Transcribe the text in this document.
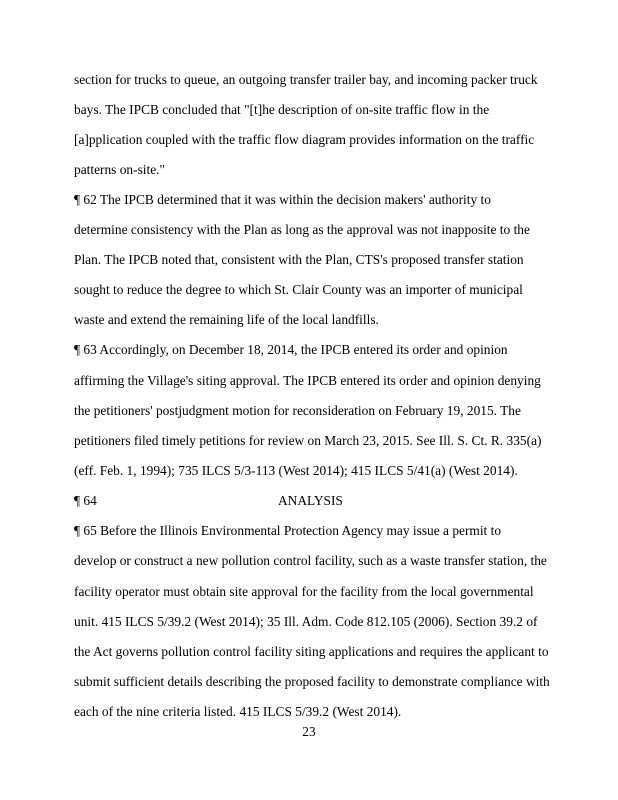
section for trucks to queue, an outgoing transfer trailer bay, and incoming packer truck
bays. The IPCB concluded that "[t]he description of on-site traffic flow in the
[a]pplication coupled with the traffic flow diagram provides information on the traffic
patterns on-site."
¶ 62 The IPCB determined that it was within the decision makers' authority to
determine consistency with the Plan as long as the approval was not inapposite to the
Plan. The IPCB noted that, consistent with the Plan, CTS's proposed transfer station
sought to reduce the degree to which St. Clair County was an importer of municipal
waste and extend the remaining life of the local landfills.
¶ 63 Accordingly, on December 18, 2014, the IPCB entered its order and opinion
affirming the Village's siting approval. The IPCB entered its order and opinion denying
the petitioners' postjudgment motion for reconsideration on February 19, 2015. The
petitioners filed timely petitions for review on March 23, 2015. See Ill. S. Ct. R. 335(a)
(eff. Feb. 1, 1994); 735 ILCS 5/3-113 (West 2014); 415 ILCS 5/41(a) (West 2014).
¶ 64	ANALYSIS
¶ 65 Before the Illinois Environmental Protection Agency may issue a permit to
develop or construct a new pollution control facility, such as a waste transfer station, the
facility operator must obtain site approval for the facility from the local governmental
unit. 415 ILCS 5/39.2 (West 2014); 35 Ill. Adm. Code 812.105 (2006). Section 39.2 of
the Act governs pollution control facility siting applications and requires the applicant to
submit sufficient details describing the proposed facility to demonstrate compliance with
each of the nine criteria listed. 415 ILCS 5/39.2 (West 2014).
23
